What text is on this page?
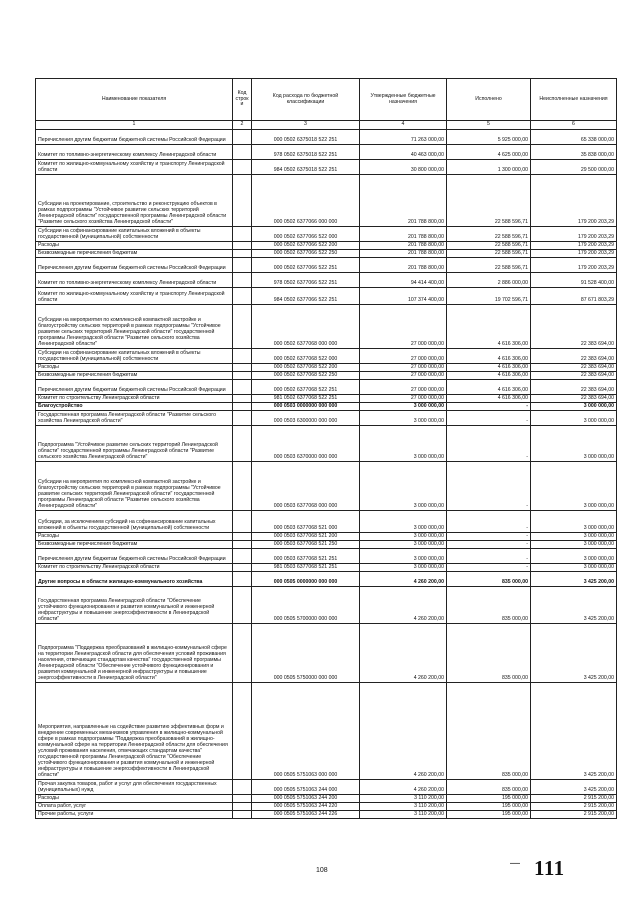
Наименование показателя	Код строк и	Код расхода по бюджетной классификации	Утвержденные бюджетные назначения	Исполнено	Неисполненные назначения
1	2	3	4	5	6
Перечисления другим бюджетам бюджетной системы Российской Федерации		000 0502 6375018 522 251	71 263 000,00	5 925 000,00	65 338 000,00
Комитет по топливно-энергетическому комплексу Ленинградской области		978 0502 6375018 522 251	40 463 000,00	4 625 000,00	35 838 000,00
Комитет по жилищно-коммунальному хозяйству и транспорту Ленинградской области		984 0502 6375018 522 251	30 800 000,00	1 300 000,00	29 500 000,00
Субсидии на проектирование, строительство и реконструкцию объектов в рамках подпрограммы "Устойчивое развитие сельских территорий Ленинградской области" государственной программы Ленинградской области "Развитие сельского хозяйства Ленинградской области"		000 0502 6377066 000 000	201 788 800,00	22 588 596,71	179 200 203,29
Субсидии на софинансирование капитальных вложений в объекты государственной (муниципальной) собственности		000 0502 6377066 522 000	201 788 800,00	22 588 596,71	179 200 203,29
Расходы		000 0502 6377066 522 200	201 788 800,00	22 588 596,71	179 200 203,29
Безвозмездные перечисления бюджетам		000 0502 6377066 522 250	201 788 800,00	22 588 596,71	179 200 203,29
Перечисления другим бюджетам бюджетной системы Российской Федерации		000 0502 6377066 522 251	201 788 800,00	22 588 596,71	179 200 203,29
Комитет по топливно-энергетическому комплексу Ленинградской области		978 0502 6377066 522 251	94 414 400,00	2 886 000,00	91 528 400,00
Комитет по жилищно-коммунальному хозяйству и транспорту Ленинградской области		984 0502 6377066 522 251	107 374 400,00	19 702 596,71	87 671 803,29
Субсидии на мероприятия по комплексной компактной застройке и благоустройству сельских территорий в рамках подпрограммы "Устойчивое развитие сельских территорий Ленинградской области" государственной программы Ленинградской области "Развитие сельского хозяйства Ленинградской области"		000 0502 6377068 000 000	27 000 000,00	4 616 306,00	22 383 694,00
Субсидии на софинансирование капитальных вложений в объекты государственной (муниципальной) собственности		000 0502 6377068 522 000	27 000 000,00	4 616 306,00	22 383 694,00
Расходы		000 0502 6377068 522 200	27 000 000,00	4 616 306,00	22 383 694,00
Безвозмездные перечисления бюджетам		000 0502 6377068 522 250	27 000 000,00	4 616 306,00	22 383 694,00
Перечисления другим бюджетам бюджетной системы Российской Федерации		000 0502 6377068 522 251	27 000 000,00	4 616 306,00	22 383 694,00
Комитет по строительству Ленинградской области		981 0502 6377068 522 251	27 000 000,00	4 616 306,00	22 383 694,00
Благоустройство		000 0503 0000000 000 000	3 000 000,00	-	3 000 000,00
Государственная программа Ленинградской области "Развитие сельского хозяйства Ленинградской области"		000 0503 6300000 000 000	3 000 000,00	-	3 000 000,00
Подпрограмма "Устойчивое развитие сельских территорий Ленинградской области" государственной программы Ленинградской области "Развитие сельского хозяйства Ленинградской области"		000 0503 6370000 000 000	3 000 000,00	-	3 000 000,00
Субсидии на мероприятия по комплексной компактной застройке и благоустройству сельских территорий в рамках подпрограммы "Устойчивое развитие сельских территорий Ленинградской области" государственной программы Ленинградской области "Развитие сельского хозяйства Ленинградской области"		000 0503 6377068 000 000	3 000 000,00	-	3 000 000,00
Субсидии, за исключением субсидий на софинансирование капитальных вложений в объекты государственной (муниципальной) собственности		000 0503 6377068 521 000	3 000 000,00	-	3 000 000,00
Расходы		000 0503 6377068 521 200	3 000 000,00	-	3 000 000,00
Безвозмездные перечисления бюджетам		000 0503 6377068 521 250	3 000 000,00	-	3 000 000,00
Перечисления другим бюджетам бюджетной системы Российской Федерации		000 0503 6377068 521 251	3 000 000,00	-	3 000 000,00
Комитет по строительству Ленинградской области		981 0503 6377068 521 251	3 000 000,00	-	3 000 000,00
Другие вопросы в области жилищно-коммунального хозяйства		000 0505 0000000 000 000	4 260 200,00	835 000,00	3 425 200,00
Государственная программа Ленинградской области "Обеспечение устойчивого функционирования и развития коммунальной и инженерной инфраструктуры и повышение энергоэффективности в Ленинградской области"		000 0505 5700000 000 000	4 260 200,00	835 000,00	3 425 200,00
Подпрограмма "Поддержка преобразований в жилищно-коммунальной сфере на территории Ленинградской области для обеспечения условий проживания населения, отвечающих стандартам качества" государственной программы Ленинградской области "Обеспечение устойчивого функционирования и развития коммунальной и инженерной инфраструктуры и повышение энергоэффективности в Ленинградской области"		000 0505 5750000 000 000	4 260 200,00	835 000,00	3 425 200,00
Мероприятия, направленные на содействие развитию эффективных форм и внедрение современных механизмов управления в жилищно-коммунальной сфере в рамках подпрограммы "Поддержка преобразований в жилищно-коммунальной сфере на территории Ленинградской области для обеспечения условий проживания населения, отвечающих стандартам качества" государственной программы Ленинградской области "Обеспечение устойчивого функционирования и развития коммунальной и инженерной инфраструктуры и повышение энергоэффективности в Ленинградской области"		000 0505 5751063 000 000	4 260 200,00	835 000,00	3 425 200,00
Прочая закупка товаров, работ и услуг для обеспечения государственных (муниципальных) нужд		000 0505 5751063 244 000	4 260 200,00	835 000,00	3 425 200,00
Расходы		000 0505 5751063 244 200	3 110 200,00	195 000,00	2 915 200,00
Оплата работ, услуг		000 0505 5751063 244 220	3 110 200,00	195 000,00	2 915 200,00
Прочие работы, услуги		000 0505 5751063 244 226	3 110 200,00	195 000,00	2 915 200,00
108
— 111
